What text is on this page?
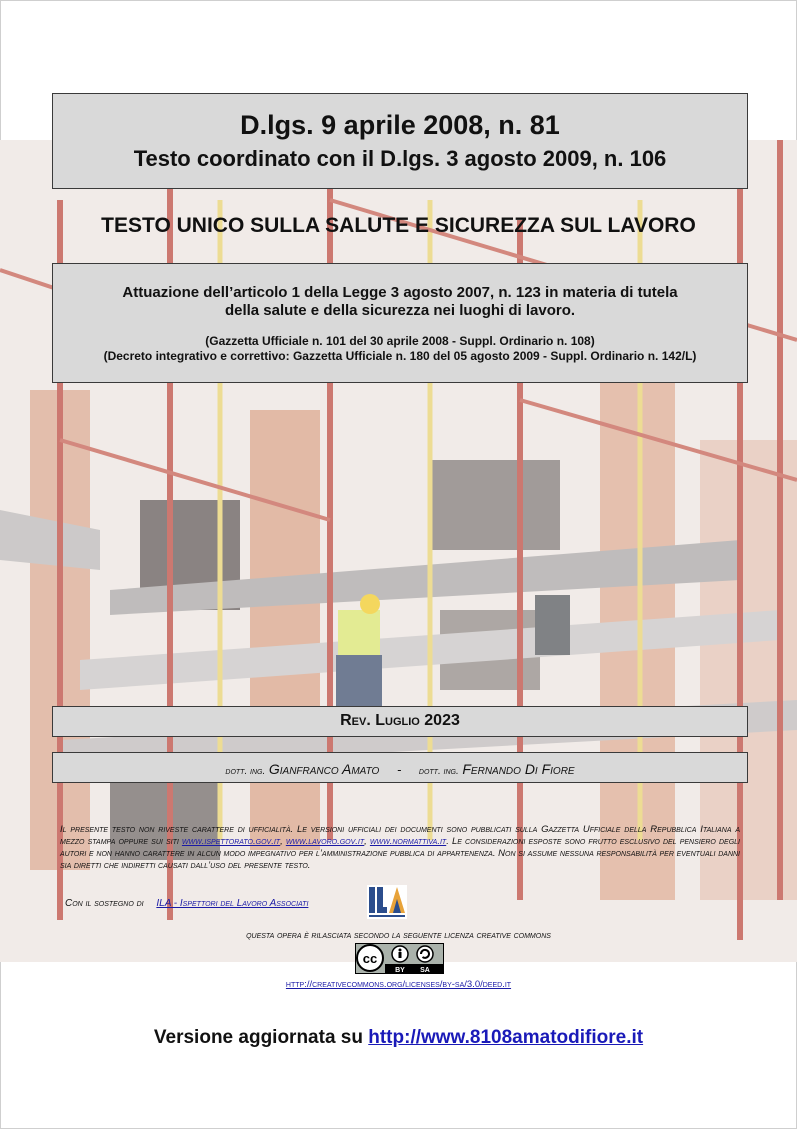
D.lgs. 9 aprile 2008, n. 81
Testo coordinato con il D.lgs. 3 agosto 2009, n. 106
TESTO UNICO SULLA SALUTE E SICUREZZA SUL LAVORO
Attuazione dell’articolo 1 della Legge 3 agosto 2007, n. 123 in materia di tutela
della salute e della sicurezza nei luoghi di lavoro.
(Gazzetta Ufficiale n. 101 del 30 aprile 2008 - Suppl. Ordinario n. 108)
(Decreto integrativo e correttivo: Gazzetta Ufficiale n. 180 del 05 agosto 2009 - Suppl. Ordinario n. 142/L)
Rev. Luglio 2023
dott. ing. Gianfranco Amato - dott. ing. Fernando Di Fiore
Il presente testo non riveste carattere di ufficialità. Le versioni ufficiali dei documenti sono pubblicati sulla Gazzetta Ufficiale della Repubblica Italiana a mezzo stampa oppure sui siti www.ispettorato.gov.it, www.lavoro.gov.it, www.normattiva.it. Le considerazioni esposte sono frutto esclusivo del pensiero degli autori e non hanno carattere in alcun modo impegnativo per l’amministrazione pubblica di appartenenza. Non si assume nessuna responsabilità per eventuali danni sia diretti che indiretti causati dall’uso del presente testo.
Con il sostegno di ILA - Ispettori del Lavoro Associati
questa opera è rilasciata secondo la seguente licenza creative commons
cc
BY SA
http://creativecommons.org/licenses/by-sa/3.0/deed.it
Versione aggiornata su http://www.8108amatodifiore.it
